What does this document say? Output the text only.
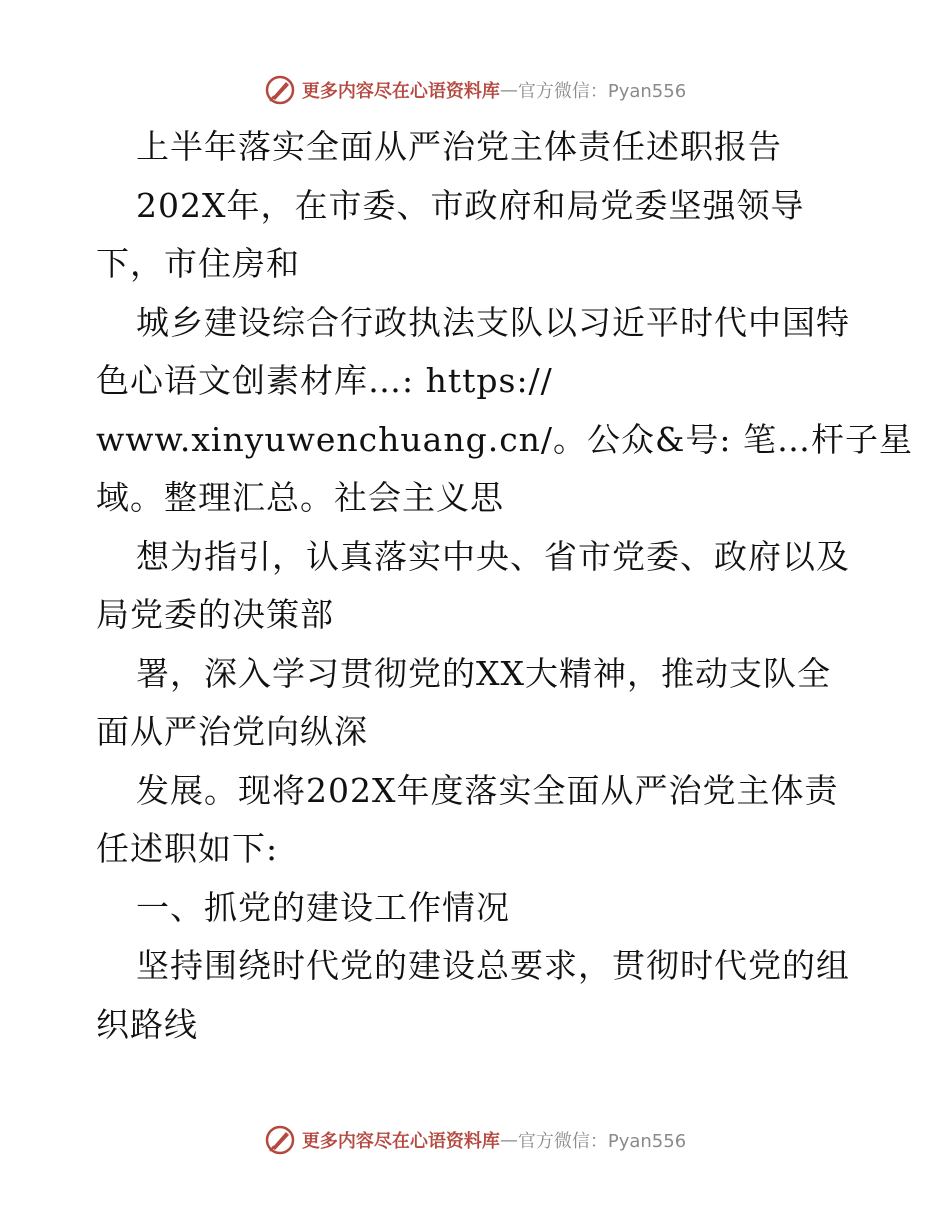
更多内容尽在心语资料库 — 官方微信：Pyan556
上半年落实全面从严治党主体责任述职报告
202X年，在市委、市政府和局党委坚强领导
下，市住房和
城乡建设综合行政执法支队以习近平时代中国特
色心语文创素材库…: https://
www.xinyuwenchuang.cn/。公众&号: 笔…杆子星
域。整理汇总。社会主义思
想为指引，认真落实中央、省市党委、政府以及
局党委的决策部
署，深入学习贯彻党的XX大精神，推动支队全
面从严治党向纵深
发展。现将202X年度落实全面从严治党主体责
任述职如下:
一、抓党的建设工作情况
坚持围绕时代党的建设总要求，贯彻时代党的组
织路线
更多内容尽在心语资料库 — 官方微信：Pyan556
